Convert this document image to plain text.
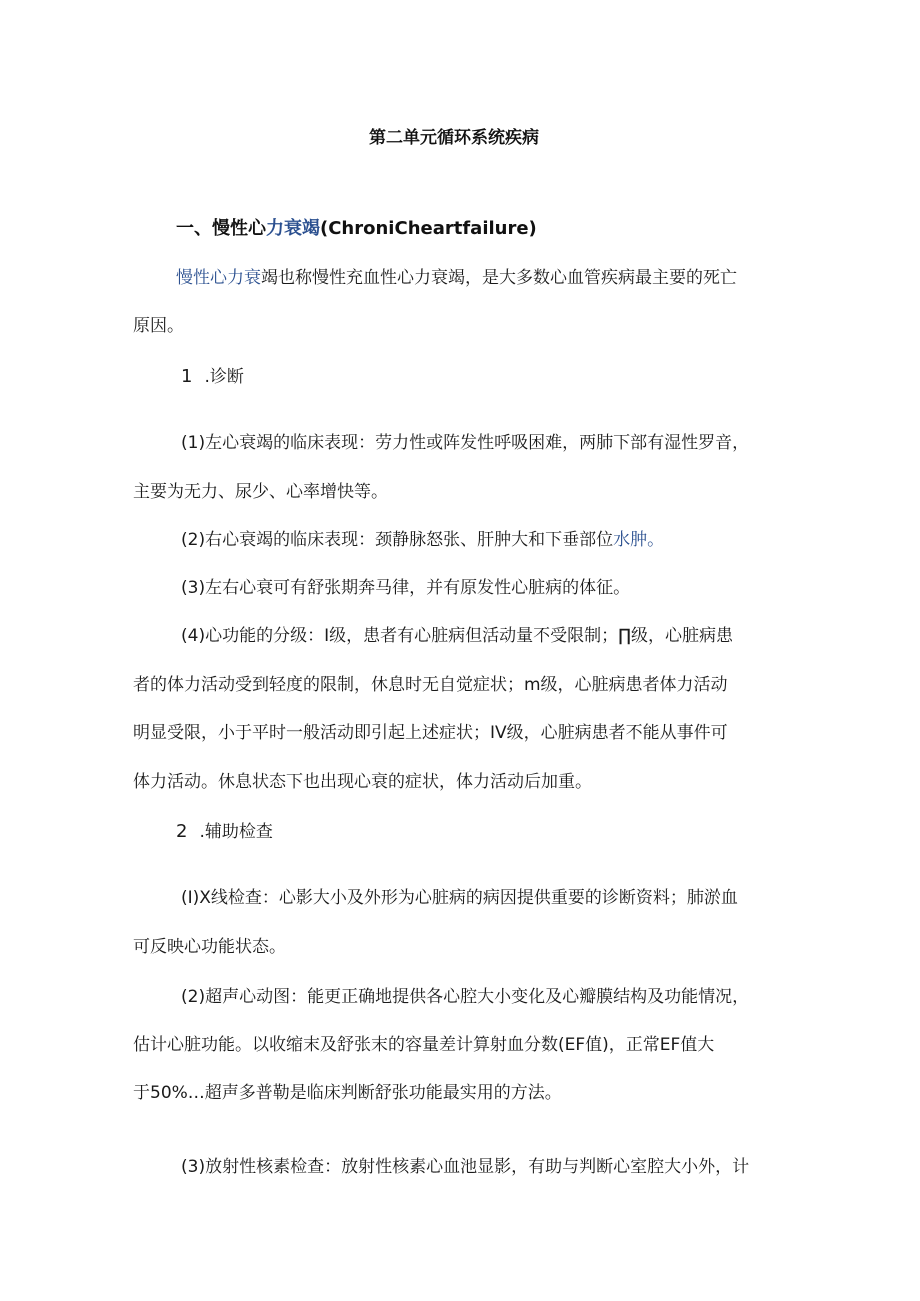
第二单元循环系统疾病
一、慢性心力衰竭(ChroniCheartfailure)
慢性心力衰竭也称慢性充血性心力衰竭，是大多数心血管疾病最主要的死亡
原因。
1 .诊断
(1)左心衰竭的临床表现：劳力性或阵发性呼吸困难，两肺下部有湿性罗音，
主要为无力、尿少、心率增快等。
(2)右心衰竭的临床表现：颈静脉怒张、肝肿大和下垂部位水肿。
(3)左右心衰可有舒张期奔马律，并有原发性心脏病的体征。
(4)心功能的分级：I级，患者有心脏病但活动量不受限制；∏级，心脏病患
者的体力活动受到轻度的限制，休息时无自觉症状；m级，心脏病患者体力活动
明显受限，小于平时一般活动即引起上述症状；IV级，心脏病患者不能从事件可
体力活动。休息状态下也出现心衰的症状，体力活动后加重。
2 .辅助检查
(I)X线检查：心影大小及外形为心脏病的病因提供重要的诊断资料；肺淤血
可反映心功能状态。
(2)超声心动图：能更正确地提供各心腔大小变化及心瓣膜结构及功能情况，
估计心脏功能。以收缩末及舒张末的容量差计算射血分数(EF值)，正常EF值大
于50%…超声多普勒是临床判断舒张功能最实用的方法。
(3)放射性核素检查：放射性核素心血池显影，有助与判断心室腔大小外，计
